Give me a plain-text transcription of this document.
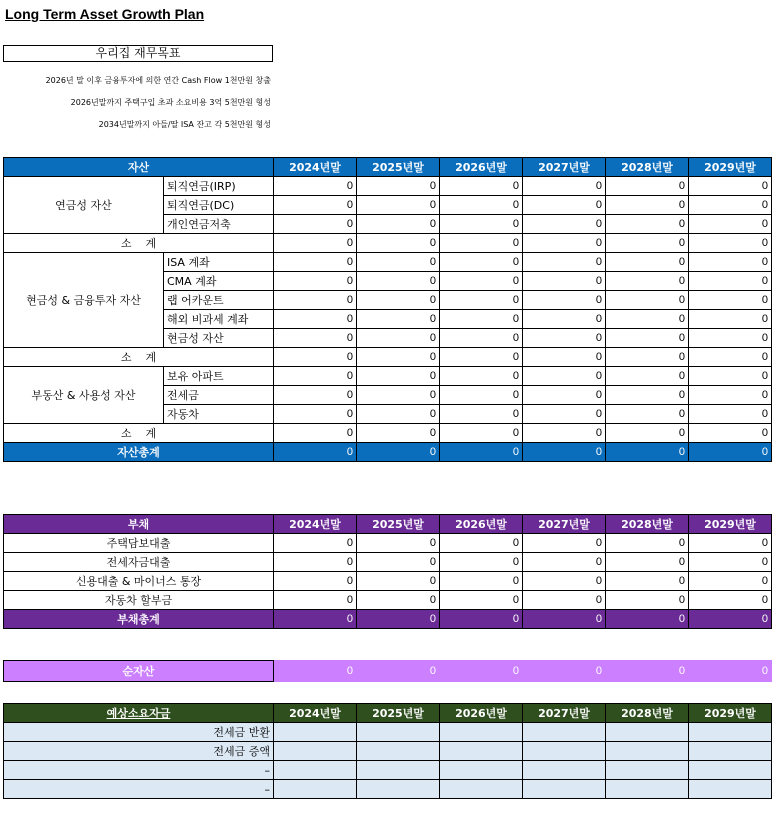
Long Term Asset Growth Plan
우리집 재무목표
2026년 말 이후 금융투자에 의한 연간 Cash Flow 1천만원 창출
2026년말까지 주택구입 초과 소요비용 3억 5천만원 형성
2034년말까지 아들/딸 ISA 잔고 각 5천만원 형성
자산		2024년말	2025년말	2026년말	2027년말	2028년말	2029년말
연금성 자산	퇴직연금(IRP)	0	0	0	0	0	0
	퇴직연금(DC)	0	0	0	0	0	0
	개인연금저축	0	0	0	0	0	0
소    계		0	0	0	0	0	0
현금성 & 금융투자 자산	ISA 계좌	0	0	0	0	0	0
	CMA 계좌	0	0	0	0	0	0
	랩 어카운트	0	0	0	0	0	0
	해외 비과세 계좌	0	0	0	0	0	0
	현금성 자산	0	0	0	0	0	0
소    계		0	0	0	0	0	0
부동산 & 사용성 자산	보유 아파트	0	0	0	0	0	0
	전세금	0	0	0	0	0	0
	자동차	0	0	0	0	0	0
소    계		0	0	0	0	0	0
자산총계		0	0	0	0	0	0
부채	2024년말	2025년말	2026년말	2027년말	2028년말	2029년말
주택담보대출	0	0	0	0	0	0
전세자금대출	0	0	0	0	0	0
신용대출 & 마이너스 통장	0	0	0	0	0	0
자동차 할부금	0	0	0	0	0	0
부채총계	0	0	0	0	0	0
순자산	0	0	0	0	0	0
예상소요자금	2024년말	2025년말	2026년말	2027년말	2028년말	2029년말
전세금 반환						
전세금 증액						
–						
–						
